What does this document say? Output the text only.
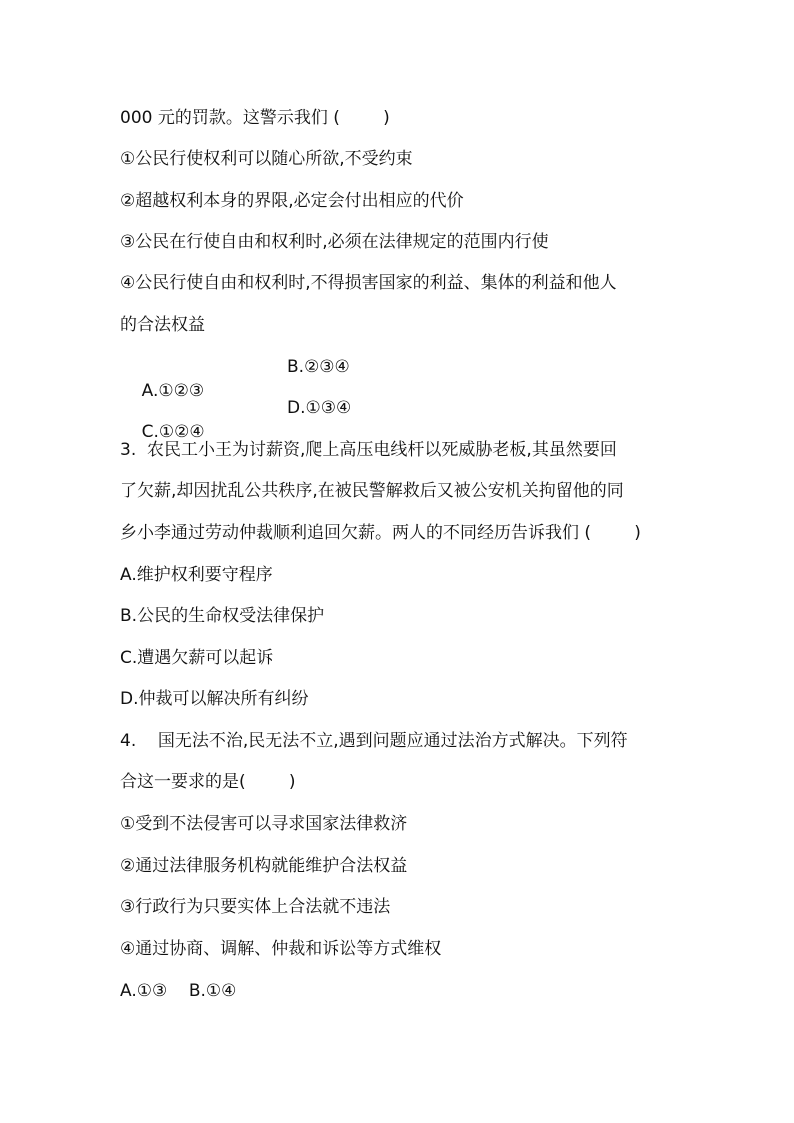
000 元的罚款。这警示我们 (        )
①公民行使权利可以随心所欲,不受约束
②超越权利本身的界限,必定会付出相应的代价
③公民在行使自由和权利时,必须在法律规定的范围内行使
④公民行使自由和权利时,不得损害国家的利益、集体的利益和他人
的合法权益

A.①②③

B.②③④

C.①②④

D.①③④
3.  农民工小王为讨薪资,爬上高压电线杆以死威胁老板,其虽然要回
了欠薪,却因扰乱公共秩序,在被民警解救后又被公安机关拘留他的同
乡小李通过劳动仲裁顺利追回欠薪。两人的不同经历告诉我们 (        )
A.维护权利要守程序
B.公民的生命权受法律保护
C.遭遇欠薪可以起诉
D.仲裁可以解决所有纠纷
4.    国无法不治,民无法不立,遇到问题应通过法治方式解决。下列符
合这一要求的是(        )
①受到不法侵害可以寻求国家法律救济
②通过法律服务机构就能维护合法权益
③行政行为只要实体上合法就不违法
④通过协商、调解、仲裁和诉讼等方式维权
A.①③    B.①④
